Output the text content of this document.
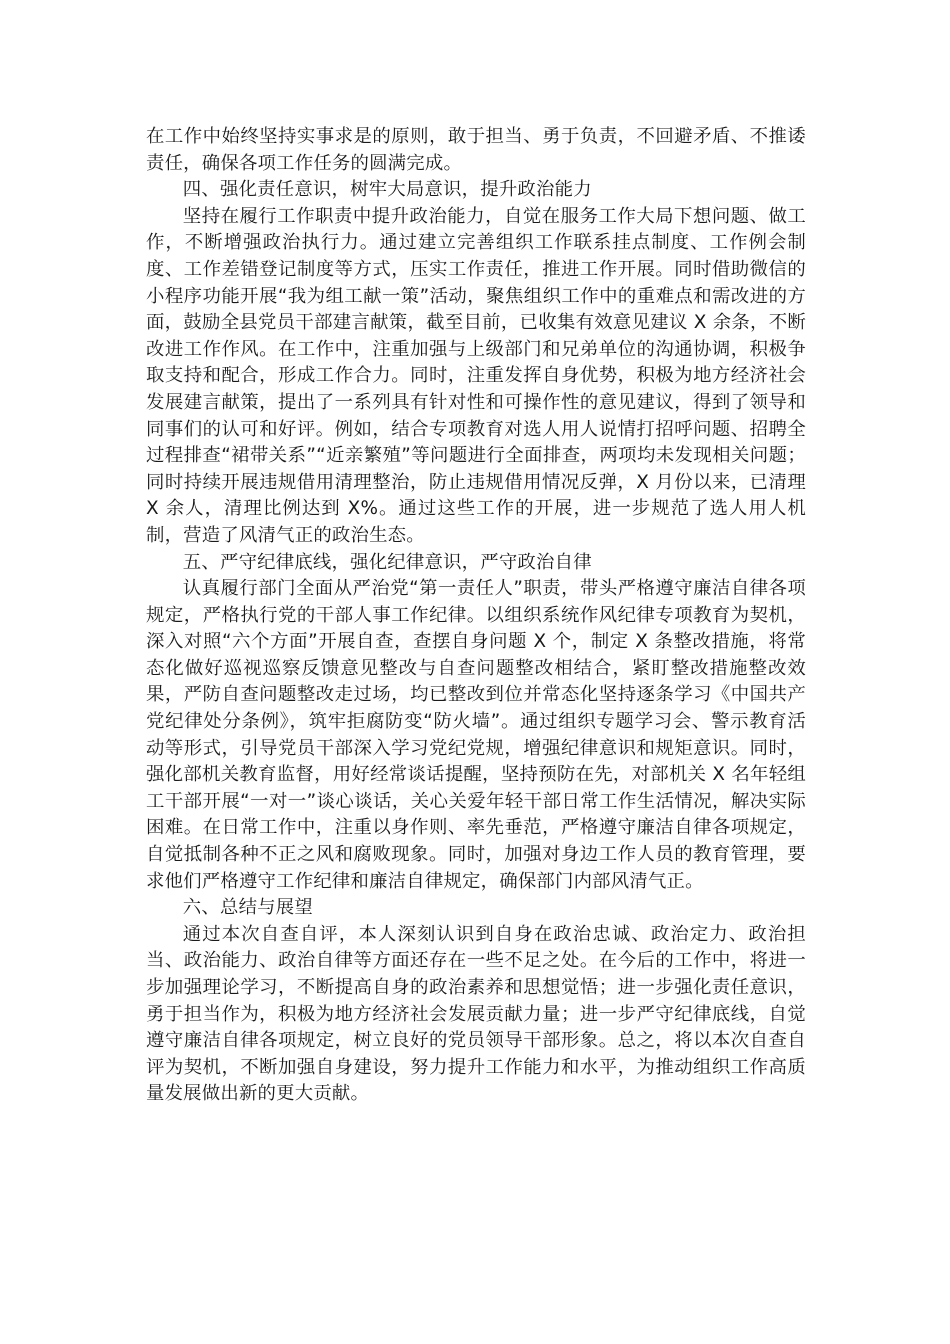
在工作中始终坚持实事求是的原则，敢于担当、勇于负责，不回避矛盾、不推诿责任，确保各项工作任务的圆满完成。

四、强化责任意识，树牢大局意识，提升政治能力

坚持在履行工作职责中提升政治能力，自觉在服务工作大局下想问题、做工作，不断增强政治执行力。通过建立完善组织工作联系挂点制度、工作例会制度、工作差错登记制度等方式，压实工作责任，推进工作开展。同时借助微信的小程序功能开展“我为组工献一策”活动，聚焦组织工作中的重难点和需改进的方面，鼓励全县党员干部建言献策，截至目前，已收集有效意见建议 X 余条，不断改进工作作风。在工作中，注重加强与上级部门和兄弟单位的沟通协调，积极争取支持和配合，形成工作合力。同时，注重发挥自身优势，积极为地方经济社会发展建言献策，提出了一系列具有针对性和可操作性的意见建议，得到了领导和同事们的认可和好评。例如，结合专项教育对选人用人说情打招呼问题、招聘全过程排查“裙带关系”“近亲繁殖”等问题进行全面排查，两项均未发现相关问题；同时持续开展违规借用清理整治，防止违规借用情况反弹，X 月份以来，已清理 X 余人，清理比例达到 X%。通过这些工作的开展，进一步规范了选人用人机制，营造了风清气正的政治生态。

五、严守纪律底线，强化纪律意识，严守政治自律

认真履行部门全面从严治党“第一责任人”职责，带头严格遵守廉洁自律各项规定，严格执行党的干部人事工作纪律。以组织系统作风纪律专项教育为契机，深入对照“六个方面”开展自查，查摆自身问题 X 个，制定 X 条整改措施，将常态化做好巡视巡察反馈意见整改与自查问题整改相结合，紧盯整改措施整改效果，严防自查问题整改走过场，均已整改到位并常态化坚持逐条学习《中国共产党纪律处分条例》，筑牢拒腐防变“防火墙”。通过组织专题学习会、警示教育活动等形式，引导党员干部深入学习党纪党规，增强纪律意识和规矩意识。同时，强化部机关教育监督，用好经常谈话提醒，坚持预防在先，对部机关 X 名年轻组工干部开展“一对一”谈心谈话，关心关爱年轻干部日常工作生活情况，解决实际困难。在日常工作中，注重以身作则、率先垂范，严格遵守廉洁自律各项规定，自觉抵制各种不正之风和腐败现象。同时，加强对身边工作人员的教育管理，要求他们严格遵守工作纪律和廉洁自律规定，确保部门内部风清气正。

六、总结与展望

通过本次自查自评，本人深刻认识到自身在政治忠诚、政治定力、政治担当、政治能力、政治自律等方面还存在一些不足之处。在今后的工作中，将进一步加强理论学习，不断提高自身的政治素养和思想觉悟；进一步强化责任意识，勇于担当作为，积极为地方经济社会发展贡献力量；进一步严守纪律底线，自觉遵守廉洁自律各项规定，树立良好的党员领导干部形象。总之，将以本次自查自评为契机，不断加强自身建设，努力提升工作能力和水平，为推动组织工作高质量发展做出新的更大贡献。
